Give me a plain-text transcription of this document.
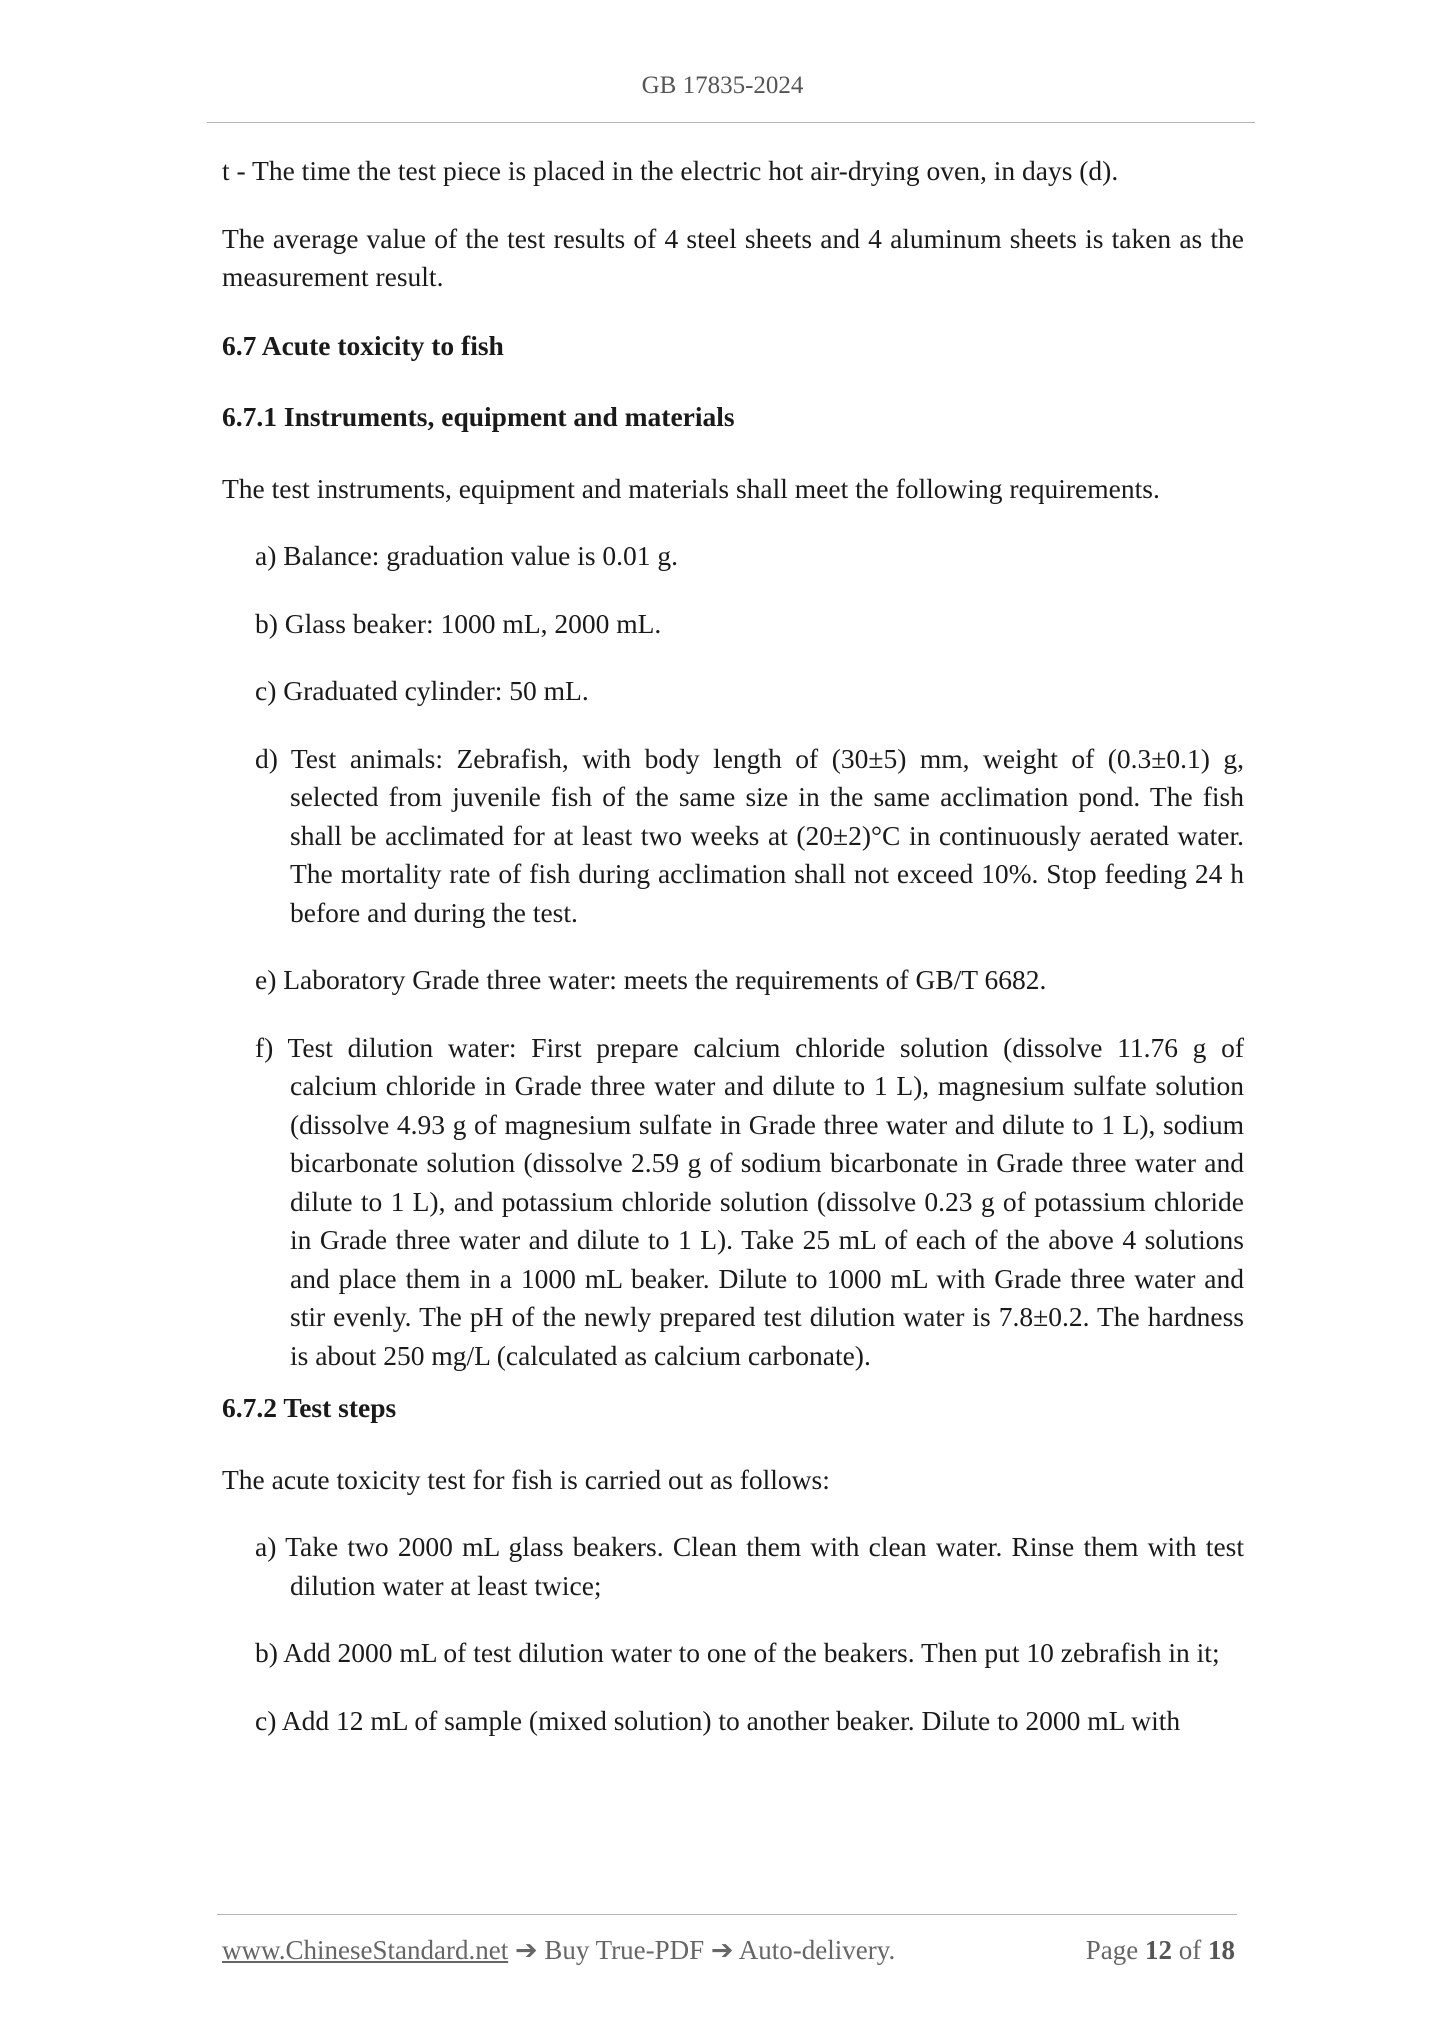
GB 17835-2024

t - The time the test piece is placed in the electric hot air-drying oven, in days (d).

The average value of the test results of 4 steel sheets and 4 aluminum sheets is taken as the measurement result.

6.7 Acute toxicity to fish

6.7.1 Instruments, equipment and materials

The test instruments, equipment and materials shall meet the following requirements.

a) Balance: graduation value is 0.01 g.

b) Glass beaker: 1000 mL, 2000 mL.

c) Graduated cylinder: 50 mL.

d) Test animals: Zebrafish, with body length of (30±5) mm, weight of (0.3±0.1) g, selected from juvenile fish of the same size in the same acclimation pond. The fish shall be acclimated for at least two weeks at (20±2)°C in continuously aerated water. The mortality rate of fish during acclimation shall not exceed 10%. Stop feeding 24 h before and during the test.

e) Laboratory Grade three water: meets the requirements of GB/T 6682.

f) Test dilution water: First prepare calcium chloride solution (dissolve 11.76 g of calcium chloride in Grade three water and dilute to 1 L), magnesium sulfate solution (dissolve 4.93 g of magnesium sulfate in Grade three water and dilute to 1 L), sodium bicarbonate solution (dissolve 2.59 g of sodium bicarbonate in Grade three water and dilute to 1 L), and potassium chloride solution (dissolve 0.23 g of potassium chloride in Grade three water and dilute to 1 L). Take 25 mL of each of the above 4 solutions and place them in a 1000 mL beaker. Dilute to 1000 mL with Grade three water and stir evenly. The pH of the newly prepared test dilution water is 7.8±0.2. The hardness is about 250 mg/L (calculated as calcium carbonate).

6.7.2 Test steps

The acute toxicity test for fish is carried out as follows:

a) Take two 2000 mL glass beakers. Clean them with clean water. Rinse them with test dilution water at least twice;

b) Add 2000 mL of test dilution water to one of the beakers. Then put 10 zebrafish in it;

c) Add 12 mL of sample (mixed solution) to another beaker. Dilute to 2000 mL with

www.ChineseStandard.net ➔ Buy True-PDF ➔ Auto-delivery.	Page 12 of 18
